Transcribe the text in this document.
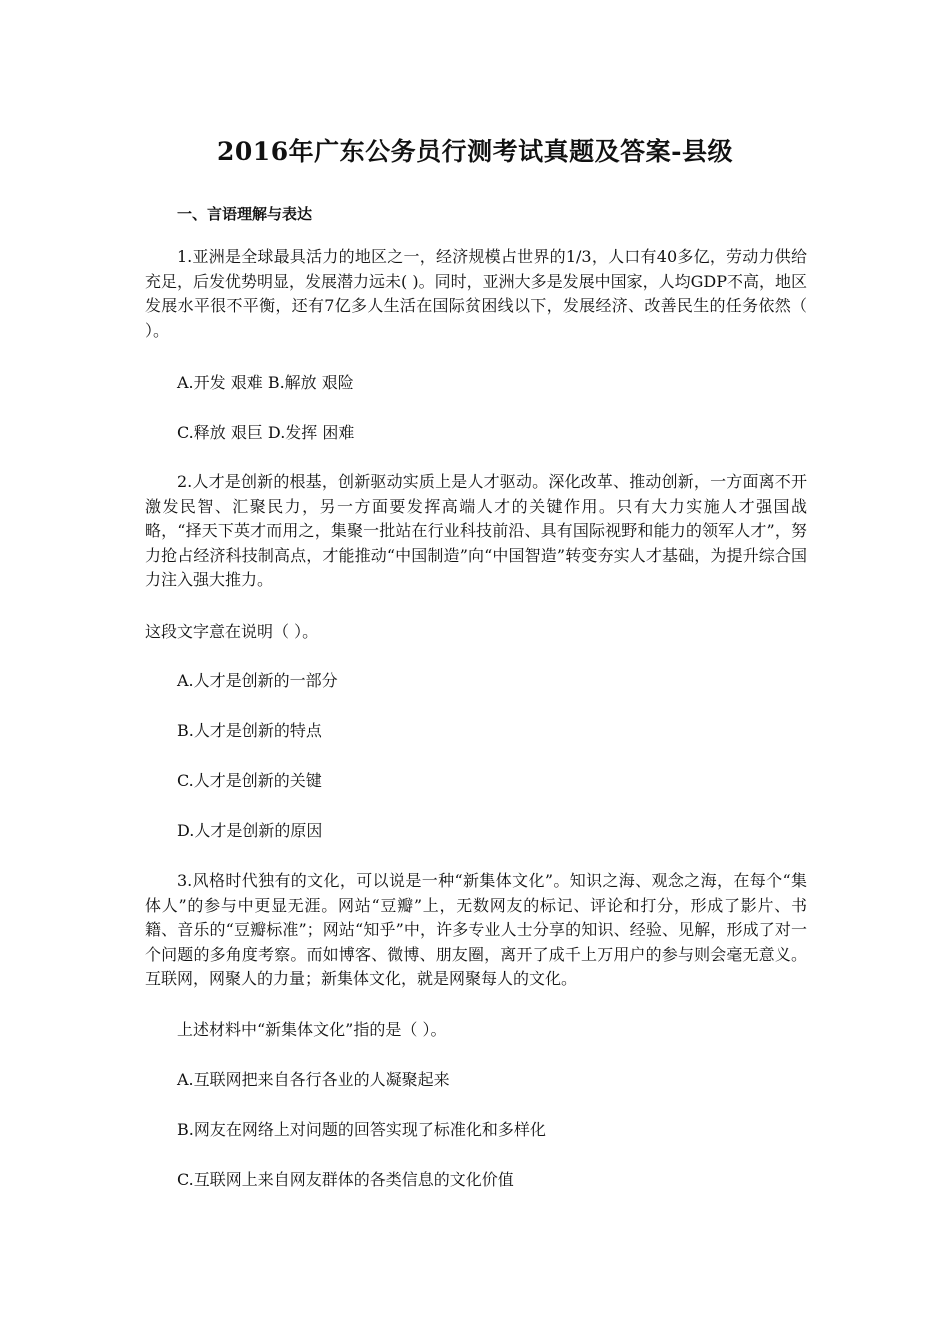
2016年广东公务员行测考试真题及答案-县级
一、言语理解与表达

1.亚洲是全球最具活力的地区之一，经济规模占世界的1/3，人口有40多亿，劳动力供给充足，后发优势明显，发展潜力远未( )。同时，亚洲大多是发展中国家，人均GDP不高，地区发展水平很不平衡，还有7亿多人生活在国际贫困线以下，发展经济、改善民生的任务依然（ ）。

A.开发 艰难 B.解放 艰险

C.释放 艰巨 D.发挥 困难

2.人才是创新的根基，创新驱动实质上是人才驱动。深化改革、推动创新，一方面离不开激发民智、汇聚民力，另一方面要发挥高端人才的关键作用。只有大力实施人才强国战略，“择天下英才而用之，集聚一批站在行业科技前沿、具有国际视野和能力的领军人才”，努力抢占经济科技制高点，才能推动“中国制造”向“中国智造”转变夯实人才基础，为提升综合国力注入强大推力。

这段文字意在说明（ ）。

A.人才是创新的一部分

B.人才是创新的特点

C.人才是创新的关键

D.人才是创新的原因

3.风格时代独有的文化，可以说是一种“新集体文化”。知识之海、观念之海，在每个“集体人”的参与中更显无涯。网站“豆瓣”上，无数网友的标记、评论和打分，形成了影片、书籍、音乐的“豆瓣标准”；网站“知乎”中，许多专业人士分享的知识、经验、见解，形成了对一个问题的多角度考察。而如博客、微博、朋友圈，离开了成千上万用户的参与则会毫无意义。互联网，网聚人的力量；新集体文化，就是网聚每人的文化。

上述材料中“新集体文化”指的是（ ）。

A.互联网把来自各行各业的人凝聚起来

B.网友在网络上对问题的回答实现了标准化和多样化

C.互联网上来自网友群体的各类信息的文化价值
